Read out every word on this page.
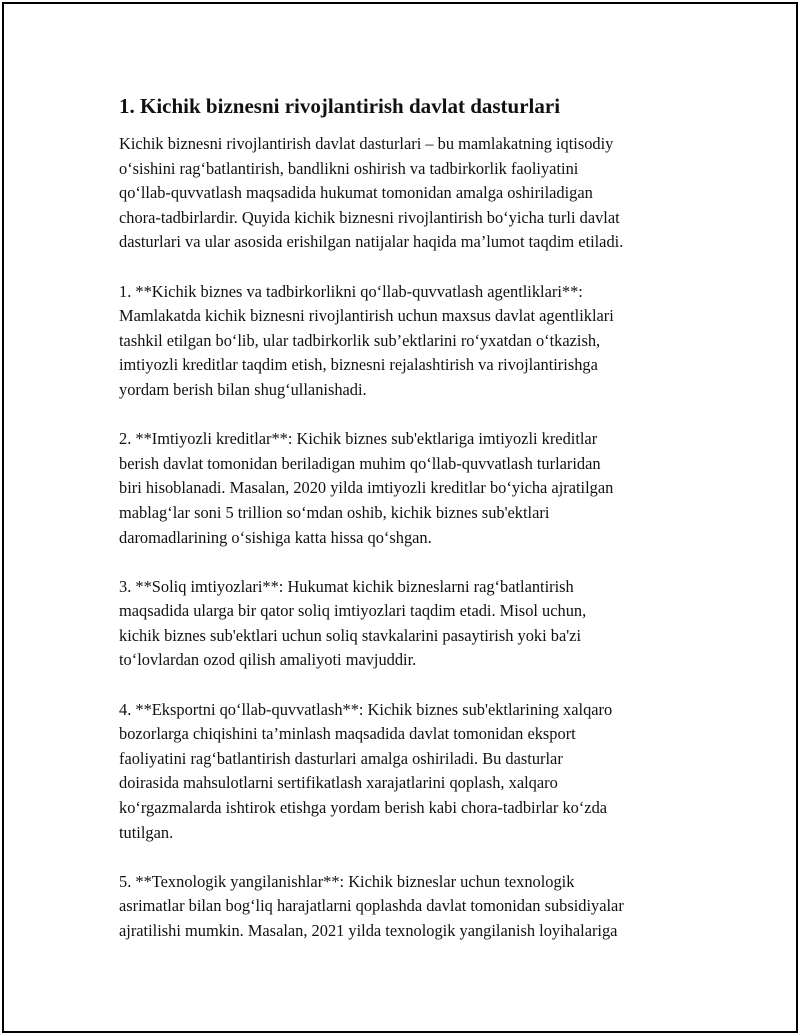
1. Kichik biznesni rivojlantirish davlat dasturlari
Kichik biznesni rivojlantirish davlat dasturlari – bu mamlakatning iqtisodiy
o‘sishini rag‘batlantirish, bandlikni oshirish va tadbirkorlik faoliyatini
qo‘llab-quvvatlash maqsadida hukumat tomonidan amalga oshiriladigan
chora-tadbirlardir. Quyida kichik biznesni rivojlantirish bo‘yicha turli davlat
dasturlari va ular asosida erishilgan natijalar haqida ma’lumot taqdim etiladi.
1. **Kichik biznes va tadbirkorlikni qo‘llab-quvvatlash agentliklari**:
Mamlakatda kichik biznesni rivojlantirish uchun maxsus davlat agentliklari
tashkil etilgan bo‘lib, ular tadbirkorlik sub’ektlarini ro‘yxatdan o‘tkazish,
imtiyozli kreditlar taqdim etish, biznesni rejalashtirish va rivojlantirishga
yordam berish bilan shug‘ullanishadi.
2. **Imtiyozli kreditlar**: Kichik biznes sub'ektlariga imtiyozli kreditlar
berish davlat tomonidan beriladigan muhim qo‘llab-quvvatlash turlaridan
biri hisoblanadi. Masalan, 2020 yilda imtiyozli kreditlar bo‘yicha ajratilgan
mablag‘lar soni 5 trillion so‘mdan oshib, kichik biznes sub'ektlari
daromadlarining o‘sishiga katta hissa qo‘shgan.
3. **Soliq imtiyozlari**: Hukumat kichik bizneslarni rag‘batlantirish
maqsadida ularga bir qator soliq imtiyozlari taqdim etadi. Misol uchun,
kichik biznes sub'ektlari uchun soliq stavkalarini pasaytirish yoki ba'zi
to‘lovlardan ozod qilish amaliyoti mavjuddir.
4. **Eksportni qo‘llab-quvvatlash**: Kichik biznes sub'ektlarining xalqaro
bozorlarga chiqishini ta’minlash maqsadida davlat tomonidan eksport
faoliyatini rag‘batlantirish dasturlari amalga oshiriladi. Bu dasturlar
doirasida mahsulotlarni sertifikatlash xarajatlarini qoplash, xalqaro
ko‘rgazmalarda ishtirok etishga yordam berish kabi chora-tadbirlar ko‘zda
tutilgan.
5. **Texnologik yangilanishlar**: Kichik bizneslar uchun texnologik
asrimatlar bilan bog‘liq harajatlarni qoplashda davlat tomonidan subsidiyalar
ajratilishi mumkin. Masalan, 2021 yilda texnologik yangilanish loyihalariga
